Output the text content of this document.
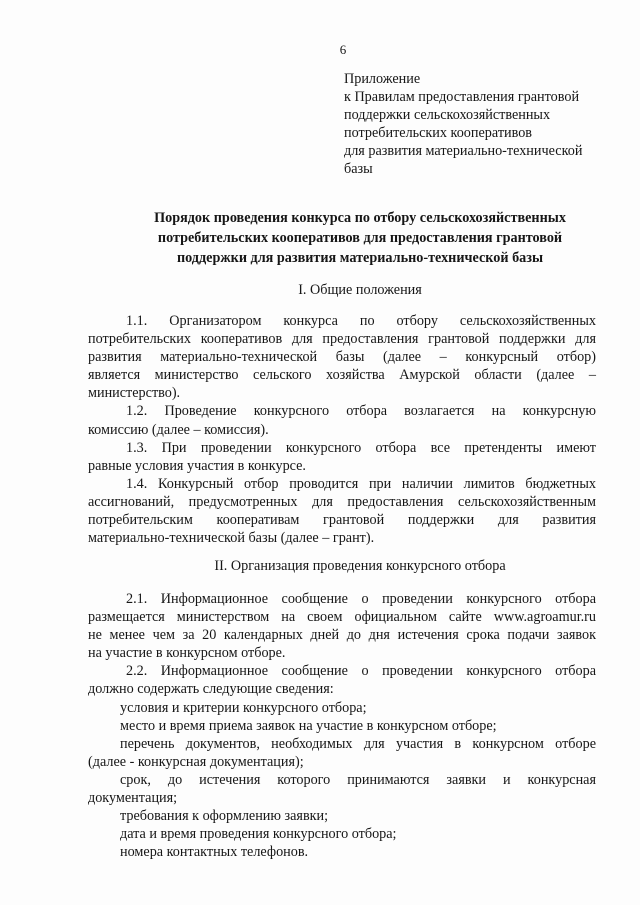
6
Приложение
к Правилам предоставления грантовой
поддержки сельскохозяйственных
потребительских кооперативов
для развития материально-технической
базы
Порядок проведения конкурса по отбору сельскохозяйственных
потребительских кооперативов для предоставления грантовой
поддержки для развития материально-технической базы
I. Общие положения
1.1. Организатором конкурса по отбору сельскохозяйственных
потребительских кооперативов для предоставления грантовой поддержки для
развития материально-технической базы (далее – конкурсный отбор)
является министерство сельского хозяйства Амурской области (далее –
министерство).
1.2. Проведение конкурсного отбора возлагается на конкурсную
комиссию (далее – комиссия).
1.3. При проведении конкурсного отбора все претенденты имеют
равные условия участия в конкурсе.
1.4. Конкурсный отбор проводится при наличии лимитов бюджетных
ассигнований, предусмотренных для предоставления сельскохозяйственным
потребительским кооперативам грантовой поддержки для развития
материально-технической базы (далее – грант).
II. Организация проведения конкурсного отбора
2.1. Информационное сообщение о проведении конкурсного отбора
размещается министерством на своем официальном сайте www.agroamur.ru
не менее чем за 20 календарных дней до дня истечения срока подачи заявок
на участие в конкурсном отборе.
2.2. Информационное сообщение о проведении конкурсного отбора
должно содержать следующие сведения:
условия и критерии конкурсного отбора;
место и время приема заявок на участие в конкурсном отборе;
перечень документов, необходимых для участия в конкурсном отборе
(далее - конкурсная документация);
срок, до истечения которого принимаются заявки и конкурсная
документация;
требования к оформлению заявки;
дата и время проведения конкурсного отбора;
номера контактных телефонов.
